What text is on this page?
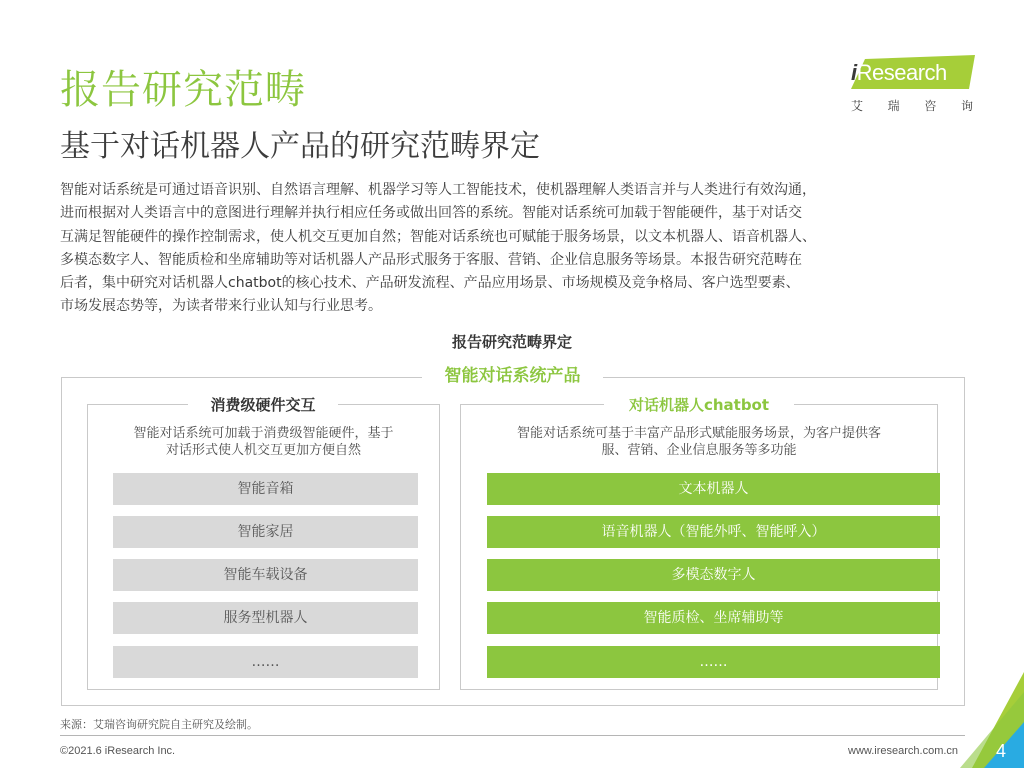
报告研究范畴
基于对话机器人产品的研究范畴界定
iResearch
艾 瑞 咨 询
智能对话系统是可通过语音识别、自然语言理解、机器学习等人工智能技术，使机器理解人类语言并与人类进行有效沟通，
进而根据对人类语言中的意图进行理解并执行相应任务或做出回答的系统。智能对话系统可加载于智能硬件，基于对话交
互满足智能硬件的操作控制需求，使人机交互更加自然；智能对话系统也可赋能于服务场景，以文本机器人、语音机器人、
多模态数字人、智能质检和坐席辅助等对话机器人产品形式服务于客服、营销、企业信息服务等场景。本报告研究范畴在
后者，集中研究对话机器人chatbot的核心技术、产品研发流程、产品应用场景、市场规模及竞争格局、客户选型要素、
市场发展态势等，为读者带来行业认知与行业思考。
报告研究范畴界定
智能对话系统产品
消费级硬件交互	对话机器人chatbot
智能对话系统可加载于消费级智能硬件，基于
对话形式使人机交互更加方便自然
智能对话系统可基于丰富产品形式赋能服务场景，为客户提供客
服、营销、企业信息服务等多功能
智能音箱
智能家居
智能车载设备
服务型机器人
……
文本机器人
语音机器人（智能外呼、智能呼入）
多模态数字人
智能质检、坐席辅助等
……
来源：艾瑞咨询研究院自主研究及绘制。
©2021.6 iResearch Inc.	www.iresearch.com.cn 4
